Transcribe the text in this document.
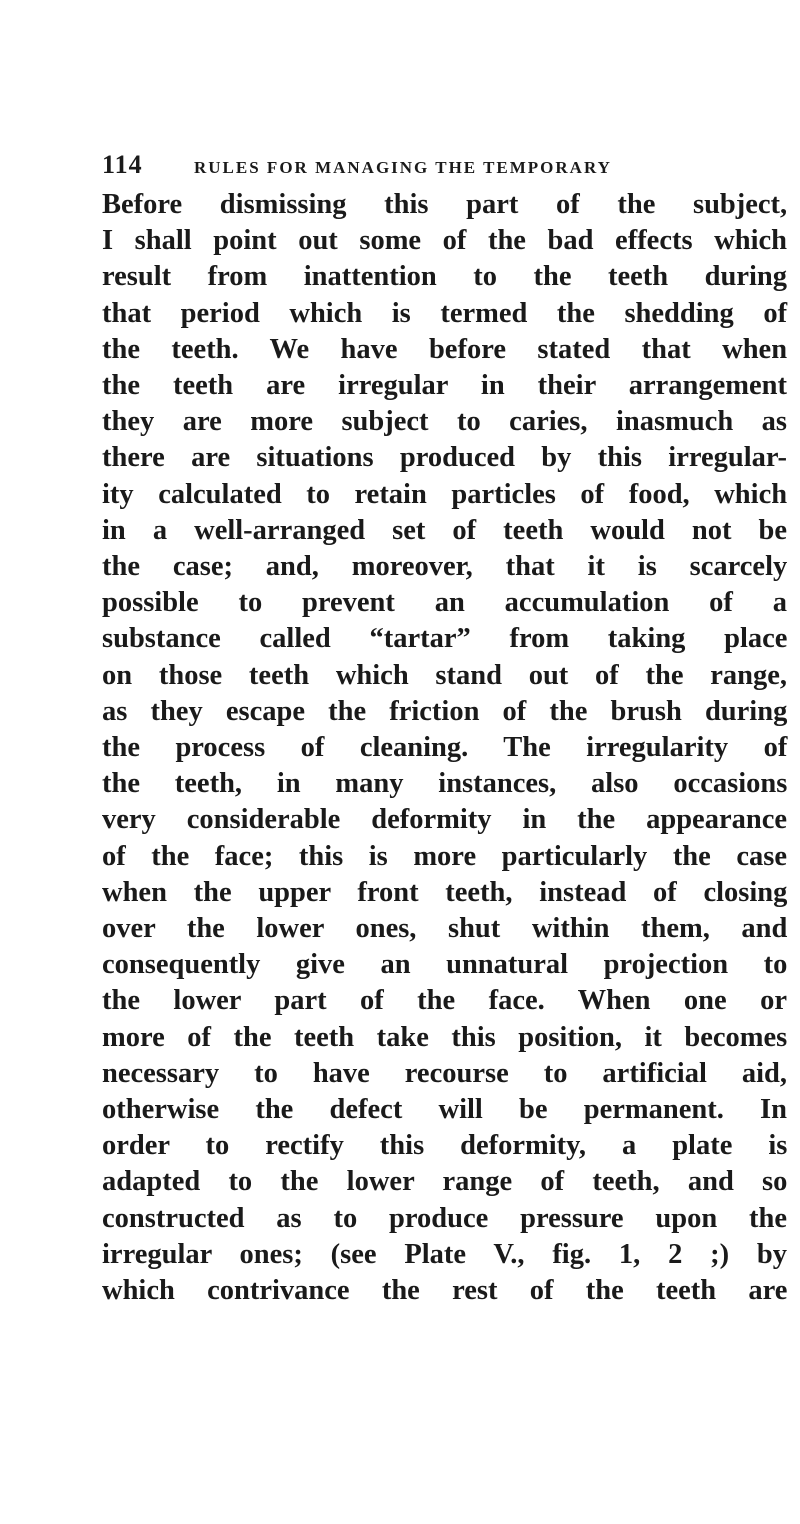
114	RULES FOR MANAGING THE TEMPORARY
Before dismissing this part of the subject,
I shall point out some of the bad effects which
result from inattention to the teeth during
that period which is termed the shedding of
the teeth. We have before stated that when
the teeth are irregular in their arrangement
they are more subject to caries, inasmuch as
there are situations produced by this irregular-
ity calculated to retain particles of food, which
in a well-arranged set of teeth would not be
the case; and, moreover, that it is scarcely
possible to prevent an accumulation of a
substance called “tartar” from taking place
on those teeth which stand out of the range,
as they escape the friction of the brush during
the process of cleaning. The irregularity of
the teeth, in many instances, also occasions
very considerable deformity in the appearance
of the face; this is more particularly the case
when the upper front teeth, instead of closing
over the lower ones, shut within them, and
consequently give an unnatural projection to
the lower part of the face. When one or
more of the teeth take this position, it becomes
necessary to have recourse to artificial aid,
otherwise the defect will be permanent. In
order to rectify this deformity, a plate is
adapted to the lower range of teeth, and so
constructed as to produce pressure upon the
irregular ones; (see Plate V., fig. 1, 2 ;) by
which contrivance the rest of the teeth are
